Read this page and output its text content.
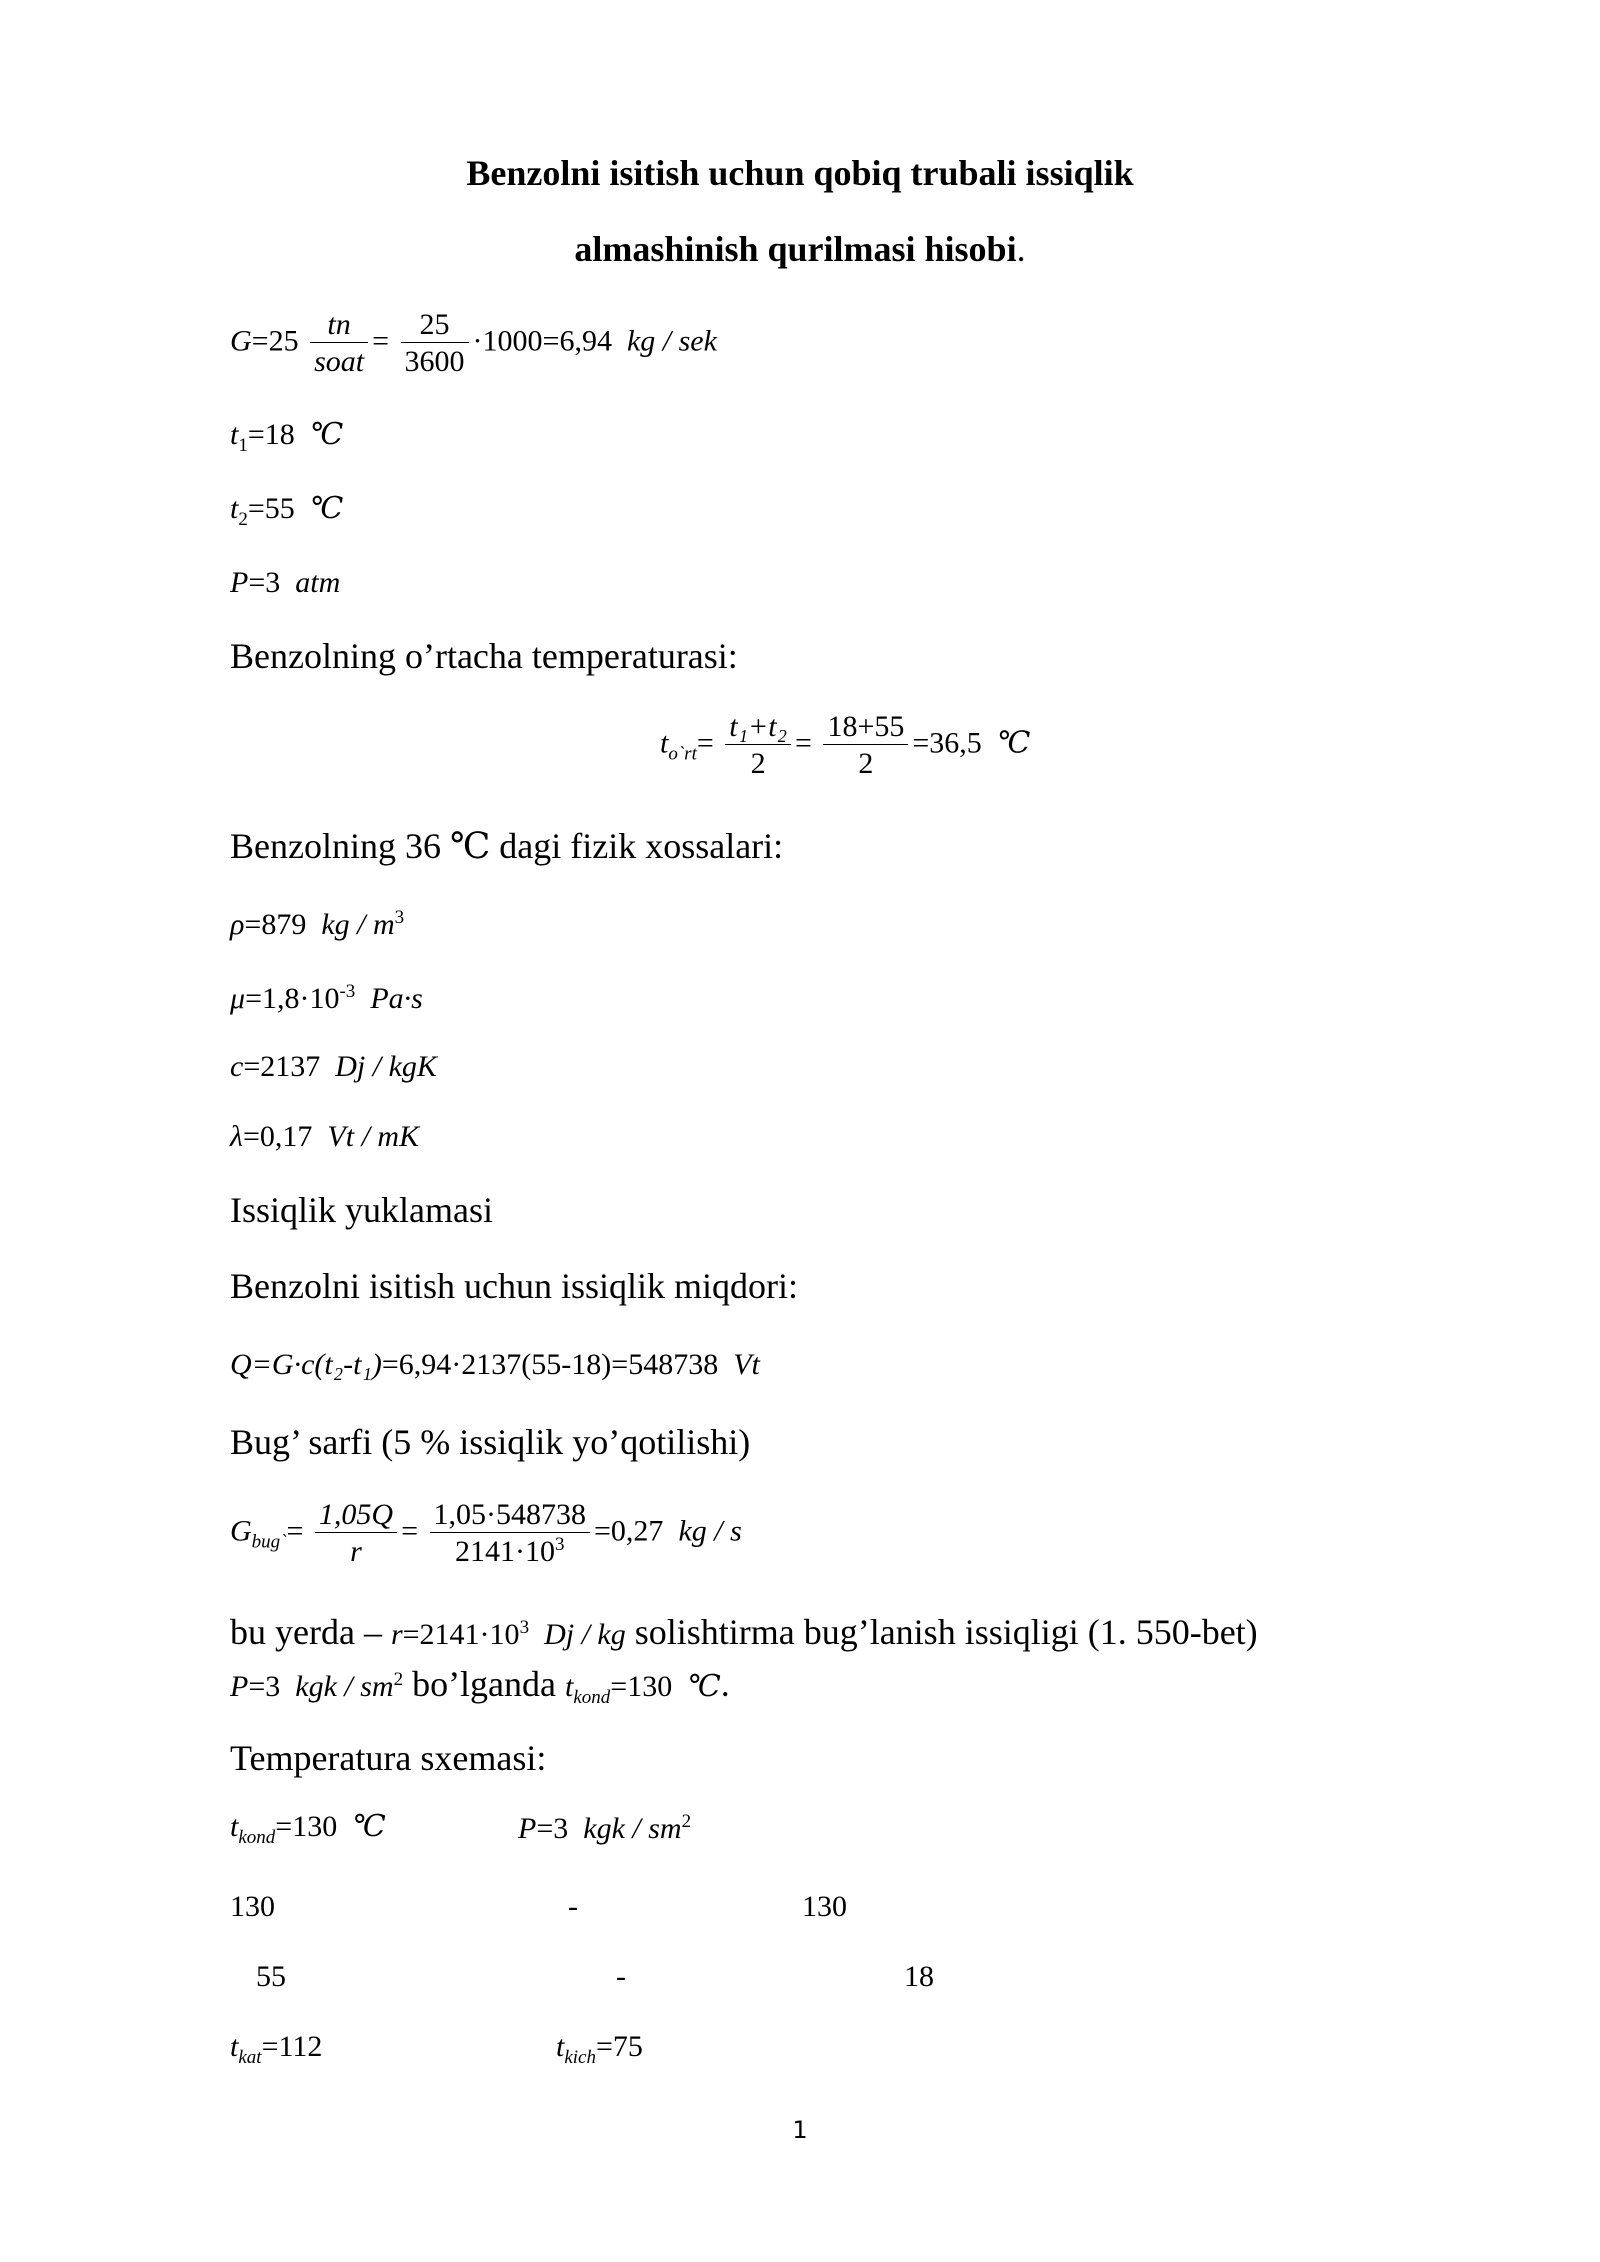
Benzolni isitish uchun qobiq trubali issiqlik
almashinish qurilmasi hisobi.
$G=25 \frac{tn}{\text{soat}} = \frac{25}{3600} \cdot 1000=6,94$ kg / sek
$t_1=18$ ℃
$t_2=55$ ℃
P=3 atm
Benzolning o’rtacha temperaturasi:
$t_{o`rt}= \frac{\text{t₁+t₂}}{2} = \frac{18+55}{2} =36,5$ ℃
Benzolning 36 ℃ dagi fizik xossalari:
ρ=879 kg / $m^3$
$\mu=1,8\cdot 10^{-3}$ Pa·s
c=2137 Dj / kgK
λ=0,17 Vt / mK
Issiqlik yuklamasi
Benzolni isitish uchun issiqlik miqdori:
Q=G·c(t₂-t₁)=6,94·2137(55-18)=548738 Vt
Bug’ sarfi (5 % issiqlik yo’qotilishi)
$G_{bug`}= \frac{1,05Q}{r} = \frac{1,05\cdot 548738}{2141\cdot 10^3} =0,27$ kg / s
bu yerda – $r=2141\cdot 10^3$ Dj / kg solishtirma bug’lanish issiqligi (1. 550-bet)
P=3 kgk / $sm^2$ bo’lganda $t_{kond}=130$ ℃.
Temperatura sxemasi:
$t_{kond}=130$ ℃	P=3 kgk / $sm^2$
130	-	130
55	-	18
$t_{kat}=112$	$t_{kich}=75$
1
